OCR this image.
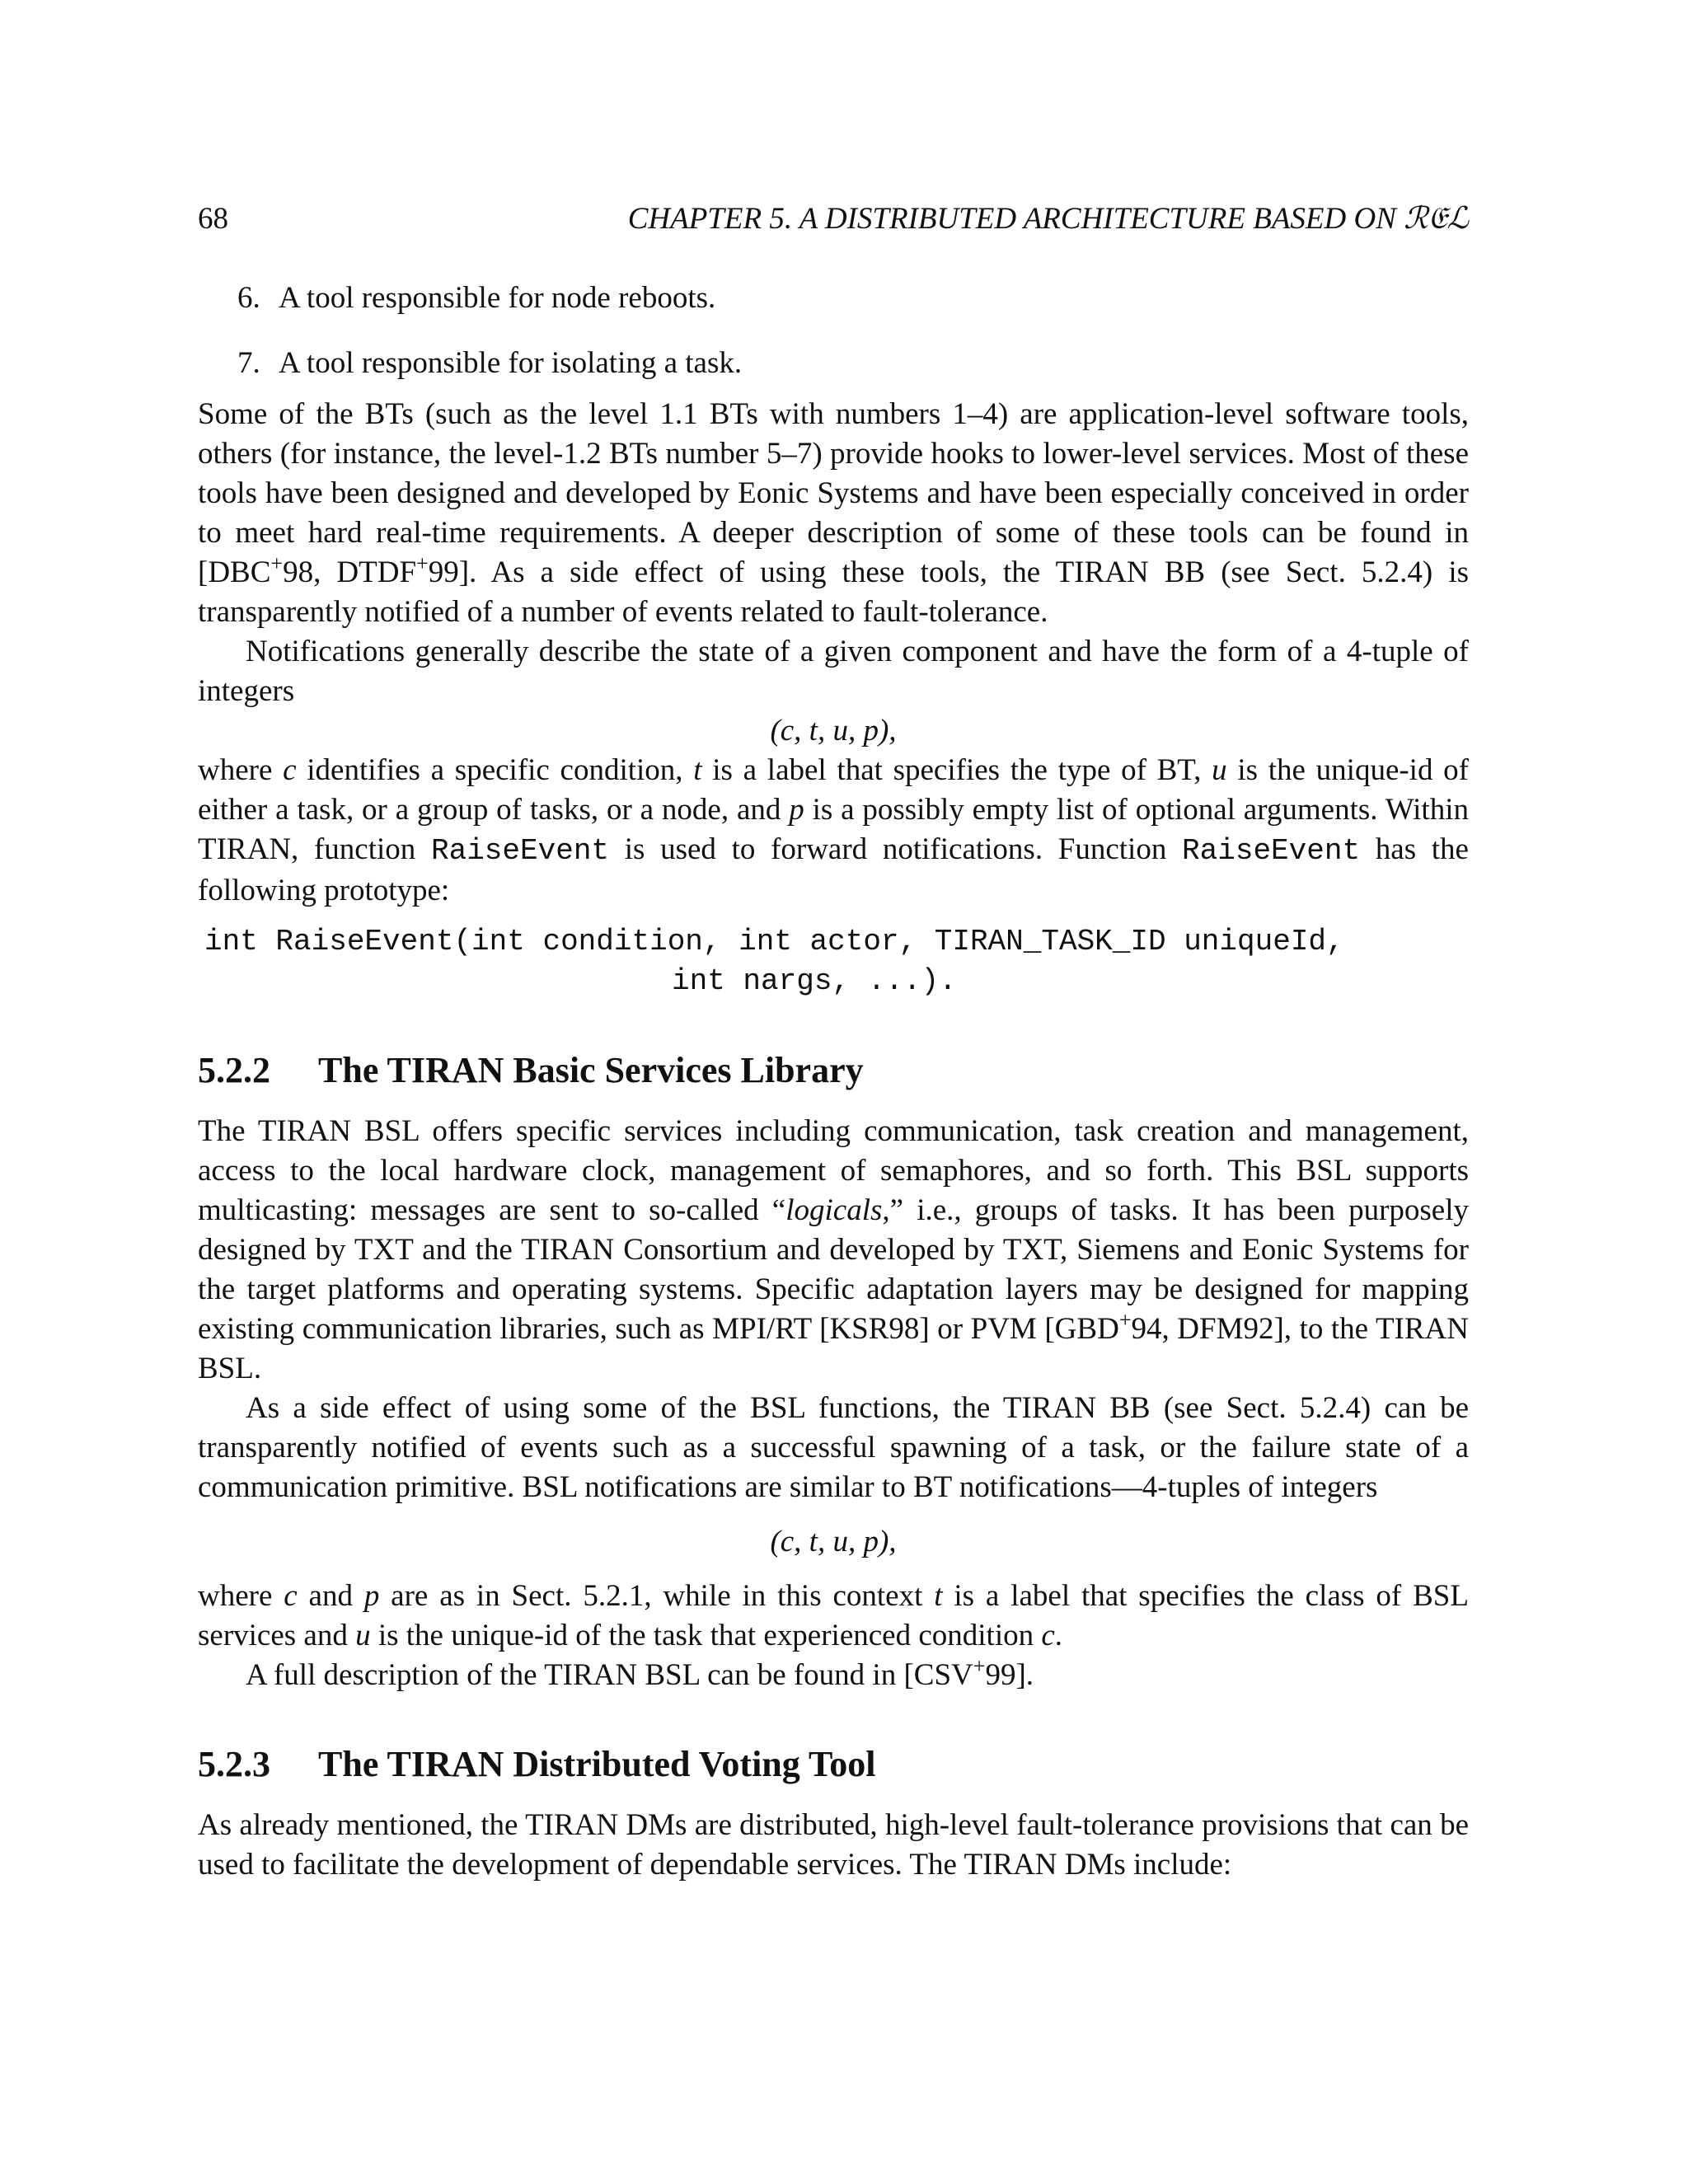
68	CHAPTER 5. A DISTRIBUTED ARCHITECTURE BASED ON ℛ𝔈ℒ
6. A tool responsible for node reboots.
7. A tool responsible for isolating a task.

Some of the BTs (such as the level 1.1 BTs with numbers 1–4) are application-level software tools, others (for instance, the level-1.2 BTs number 5–7) provide hooks to lower-level services. Most of these tools have been designed and developed by Eonic Systems and have been especially conceived in order to meet hard real-time requirements. A deeper description of some of these tools can be found in [DBC+98, DTDF+99]. As a side effect of using these tools, the TIRAN BB (see Sect. 5.2.4) is transparently notified of a number of events related to fault-tolerance.

Notifications generally describe the state of a given component and have the form of a 4-tuple of integers

(c, t, u, p),

where c identifies a specific condition, t is a label that specifies the type of BT, u is the unique-id of either a task, or a group of tasks, or a node, and p is a possibly empty list of optional arguments. Within TIRAN, function RaiseEvent is used to forward notifications. Function RaiseEvent has the following prototype:

int RaiseEvent(int condition, int actor, TIRAN_TASK_ID uniqueId,
int nargs, ...).
5.2.2 The TIRAN Basic Services Library

The TIRAN BSL offers specific services including communication, task creation and management, access to the local hardware clock, management of semaphores, and so forth. This BSL supports multicasting: messages are sent to so-called “logicals,” i.e., groups of tasks. It has been purposely designed by TXT and the TIRAN Consortium and developed by TXT, Siemens and Eonic Systems for the target platforms and operating systems. Specific adaptation layers may be designed for mapping existing communication libraries, such as MPI/RT [KSR98] or PVM [GBD+94, DFM92], to the TIRAN BSL.

As a side effect of using some of the BSL functions, the TIRAN BB (see Sect. 5.2.4) can be transparently notified of events such as a successful spawning of a task, or the failure state of a communication primitive. BSL notifications are similar to BT notifications—4-tuples of integers

(c, t, u, p),

where c and p are as in Sect. 5.2.1, while in this context t is a label that specifies the class of BSL services and u is the unique-id of the task that experienced condition c.

A full description of the TIRAN BSL can be found in [CSV+99].

5.2.3 The TIRAN Distributed Voting Tool

As already mentioned, the TIRAN DMs are distributed, high-level fault-tolerance provisions that can be used to facilitate the development of dependable services. The TIRAN DMs include:
